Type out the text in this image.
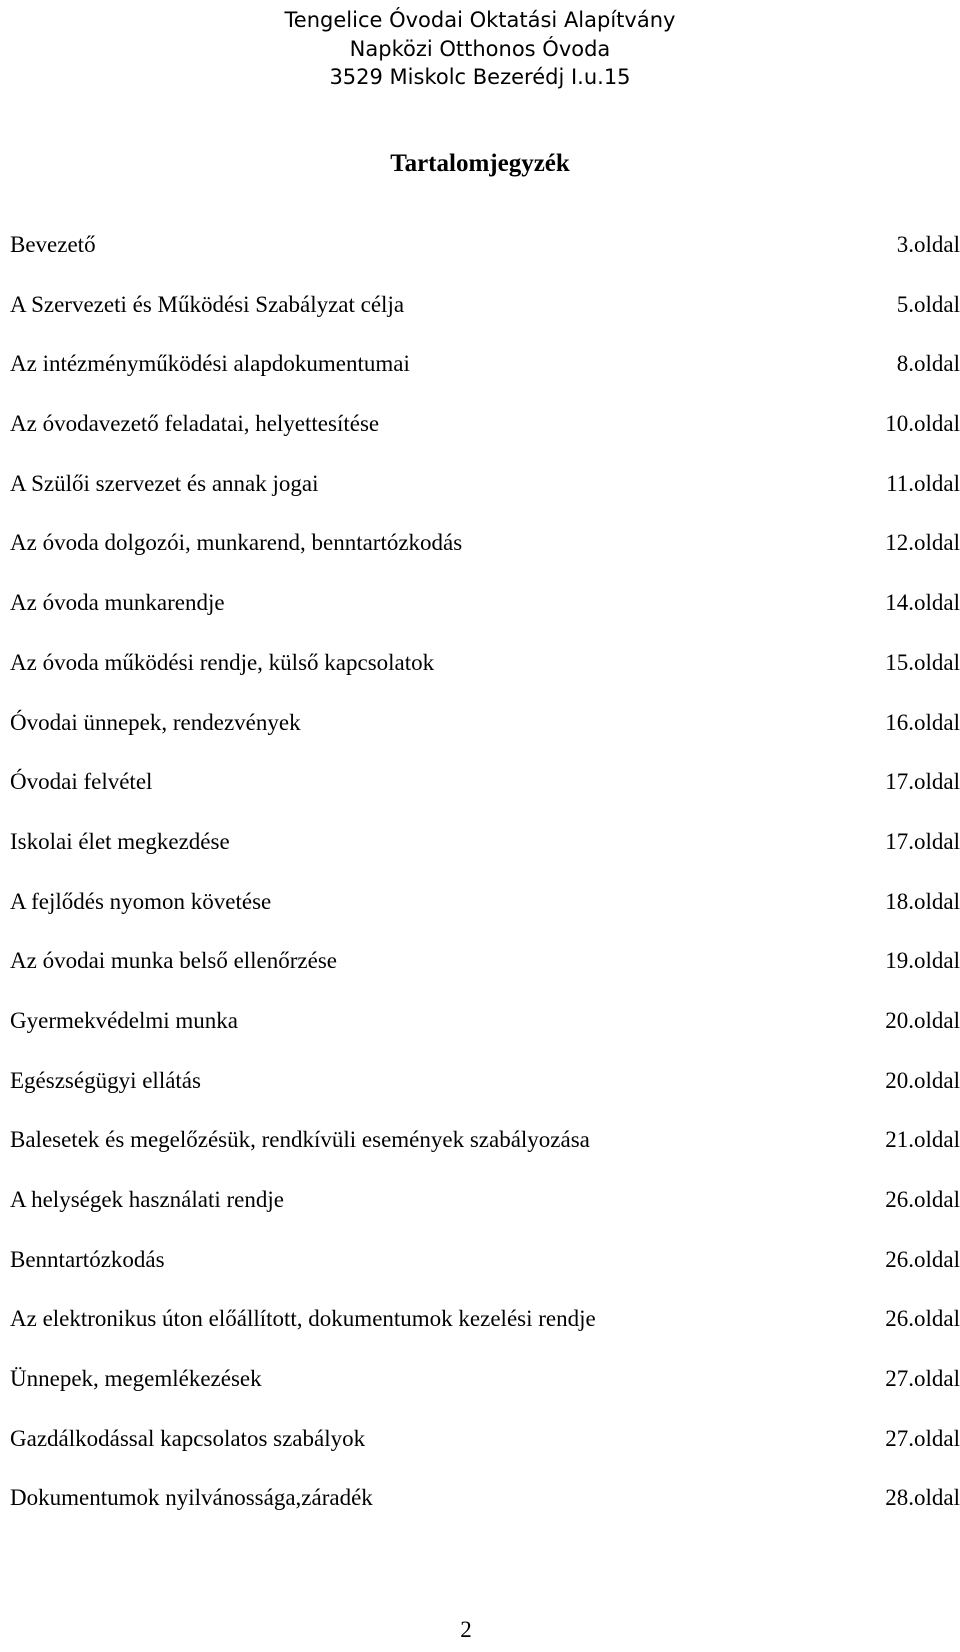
Tengelice Óvodai Oktatási Alapítvány
Napközi Otthonos Óvoda
3529 Miskolc Bezerédj I.u.15
Tartalomjegyzék
Bevezető	3.oldal
A Szervezeti és Működési Szabályzat célja	5.oldal
Az intézményműködési alapdokumentumai	8.oldal
Az óvodavezető feladatai, helyettesítése	10.oldal
A Szülői szervezet és annak jogai	11.oldal
Az óvoda dolgozói, munkarend, benntartózkodás	12.oldal
Az óvoda munkarendje	14.oldal
Az óvoda működési rendje, külső kapcsolatok	15.oldal
Óvodai ünnepek, rendezvények	16.oldal
Óvodai felvétel	17.oldal
Iskolai élet megkezdése	17.oldal
A fejlődés nyomon követése	18.oldal
Az óvodai munka belső ellenőrzése	19.oldal
Gyermekvédelmi munka	20.oldal
Egészségügyi ellátás	20.oldal
Balesetek és megelőzésük, rendkívüli események szabályozása	21.oldal
A helységek használati rendje	26.oldal
Benntartózkodás	26.oldal
Az elektronikus úton előállított, dokumentumok kezelési rendje	26.oldal
Ünnepek, megemlékezések	27.oldal
Gazdálkodással kapcsolatos szabályok	27.oldal
Dokumentumok nyilvánossága,záradék	28.oldal
2
